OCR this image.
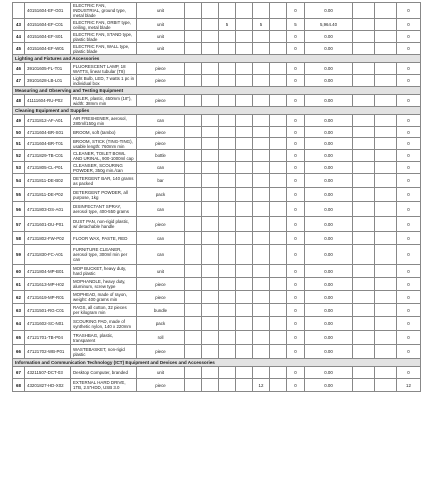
	40151604-EF-G01	ELECTRIC FAN, INDUSTRIAL, ground type, metal blade	unit							0	0.00			0
43	40151604-EF-C01	ELECTRIC FAN, ORBIT type, ceiling, metal blade	unit			5		5		5	5,964.40			0
44	40151604-EF-S01	ELECTRIC FAN, STAND type, plastic blade	unit							0	0.00			0
45	40151604-EF-W01	ELECTRIC FAN, WALL type, plastic blade	unit							0	0.00			0
Lighting and Fixtures and Accessories														
46	39101605-FL-T01	FLUORESCENT LAMP, 18 WATTS, linear tubular (T8)	piece							0	0.00			0
47	39101628-LB-L01	Light Bulb, LED, 7 watts 1 pc in individual box	piece							0	0.00			0
Measuring and Observing and Testing Equipment														
48	41111604-RU-P02	RULER, plastic, 450mm (18"), width: 38mm min	piece							0	0.00			0
Cleaning Equipment and Supplies														
49	47131812-AF-A01	AIR FRESHENER, aerosol, 280ml/150g min	can							0	0.00			0
50	47131604-BR-S01	BROOM, soft (tambo)	piece							0	0.00			0
51	47131604-BR-T01	BROOM, STICK (TING-TING), usable length: 760mm min	piece							0	0.00			0
52	47131829-TB-C01	CLEANER, TOILET BOWL AND URINAL, 900-1000ml cap	bottle							0	0.00			0
53	47131805-CL-P01	CLEANSER, SCOURING POWDER, 350g min./can	can							0	0.00			0
54	47131811-DE-B02	DETERGENT BAR, 140 grams as packed	bar							0	0.00			0
55	47131811-DE-P02	DETERGENT POWDER, all purpose, 1kg	pack							0	0.00			0
56	47131803-DS-A01	DISINFECTANT SPRAY, aerosol type, 400-550 grams	can							0	0.00			0
57	47131601-DU-P01	DUST PAN, non-rigid plastic, w/ detachable handle	piece							0	0.00			0
58	47131802-FW-P02	FLOOR WAX, PASTE, RED	can							0	0.00			0
59	47131830-FC-A01	FURNITURE CLEANER, aerosol type, 300ml min per can	can							0	0.00			0
60	47121804-MP-B01	MOP BUCKET, heavy duty, hard plastic	unit							0	0.00			0
61	47131613-MP-H02	MOPHANDLE, heavy duty, aluminum, screw type	piece							0	0.00			0
62	47131619-MP-R01	MOPHEAD, made of rayon, weight: 400 grams min	piece							0	0.00			0
63	47131501-RG-C01	RAGS, all cotton, 32 pieces per kilogram min	bundle							0	0.00			0
64	47131602-SC-N01	SCOURING PAD, made of synthetic nylon, 140 x 220mm	pack							0	0.00			0
65	47121701-TB-P04	TRASHBAG, plastic, transparent	roll							0	0.00			0
66	47121702-WB-P01	WASTEBASKET, non-rigid plastic	piece							0	0.00			0
Information and Communication Technology (ICT) Equipment and Devices and Accessories														
67	43211507-DCT-03	Desktop Computer, branded	unit							0	0.00			0
68	43201827-HD-X02	EXTERNAL HARD DRIVE, 1TB, 2.5"HDD, USB 3.0	piece					12		0	0.00			12
